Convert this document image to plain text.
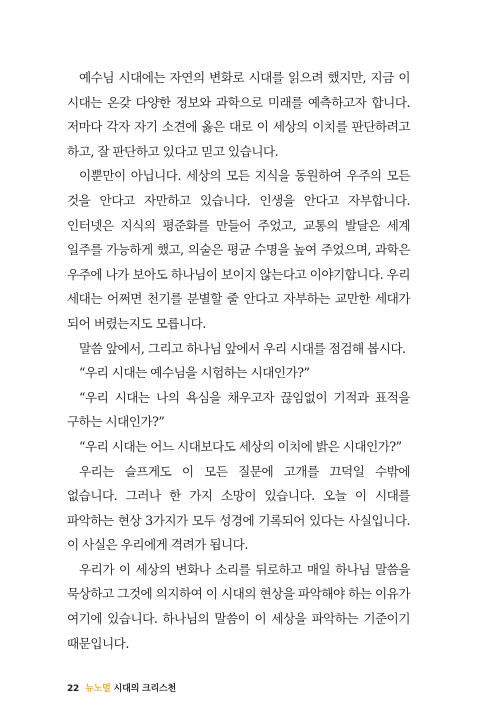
예수님 시대에는 자연의 변화로 시대를 읽으려 했지만, 지금 이 시대는 온갖 다양한 정보와 과학으로 미래를 예측하고자 합니다. 저마다 각자 자기 소견에 옳은 대로 이 세상의 이치를 판단하려고 하고, 잘 판단하고 있다고 믿고 있습니다.

이뿐만이 아닙니다. 세상의 모든 지식을 동원하여 우주의 모든 것을 안다고 자만하고 있습니다. 인생을 안다고 자부합니다. 인터넷은 지식의 평준화를 만들어 주었고, 교통의 발달은 세계 일주를 가능하게 했고, 의술은 평균 수명을 높여 주었으며, 과학은 우주에 나가 보아도 하나님이 보이지 않는다고 이야기합니다. 우리 세대는 어쩌면 천기를 분별할 줄 안다고 자부하는 교만한 세대가 되어 버렸는지도 모릅니다.

말씀 앞에서, 그리고 하나님 앞에서 우리 시대를 점검해 봅시다.

“우리 시대는 예수님을 시험하는 시대인가?”

“우리 시대는 나의 욕심을 채우고자 끊임없이 기적과 표적을 구하는 시대인가?”

“우리 시대는 어느 시대보다도 세상의 이치에 밝은 시대인가?”

우리는 슬프게도 이 모든 질문에 고개를 끄덕일 수밖에 없습니다. 그러나 한 가지 소망이 있습니다. 오늘 이 시대를 파악하는 현상 3가지가 모두 성경에 기록되어 있다는 사실입니다. 이 사실은 우리에게 격려가 됩니다.

우리가 이 세상의 변화나 소리를 뒤로하고 매일 하나님 말씀을 묵상하고 그것에 의지하여 이 시대의 현상을 파악해야 하는 이유가 여기에 있습니다. 하나님의 말씀이 이 세상을 파악하는 기준이기 때문입니다.

22 뉴노멀 시대의 크리스천
